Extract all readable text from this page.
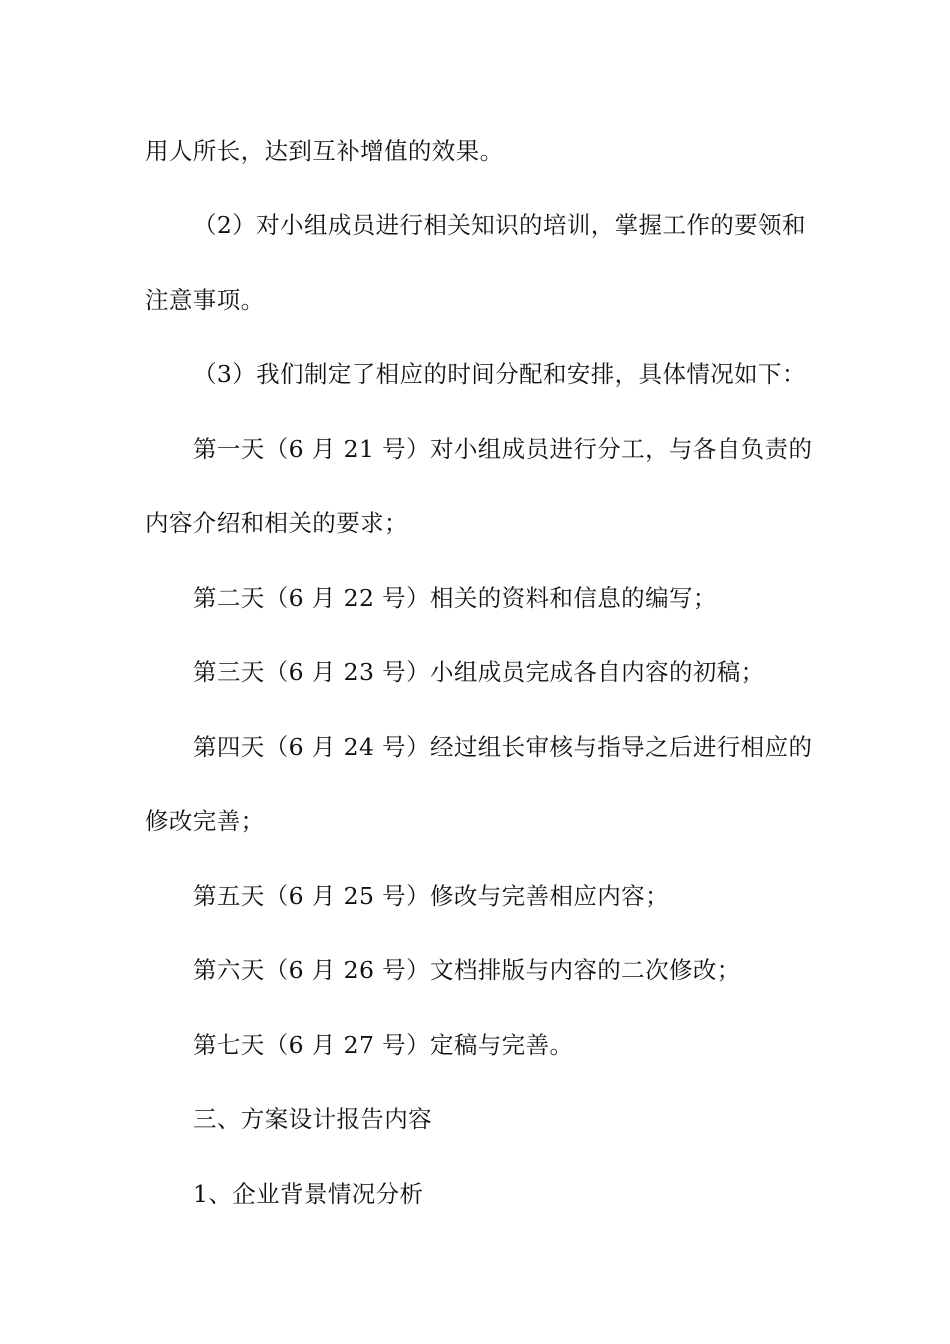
用人所长，达到互补增值的效果。
（2）对小组成员进行相关知识的培训，掌握工作的要领和
注意事项。
（3）我们制定了相应的时间分配和安排，具体情况如下：
第一天（6 月 21 号）对小组成员进行分工，与各自负责的
内容介绍和相关的要求；
第二天（6 月 22 号）相关的资料和信息的编写；
第三天（6 月 23 号）小组成员完成各自内容的初稿；
第四天（6 月 24 号）经过组长审核与指导之后进行相应的
修改完善；
第五天（6 月 25 号）修改与完善相应内容；
第六天（6 月 26 号）文档排版与内容的二次修改；
第七天（6 月 27 号）定稿与完善。
三、方案设计报告内容
1、企业背景情况分析
